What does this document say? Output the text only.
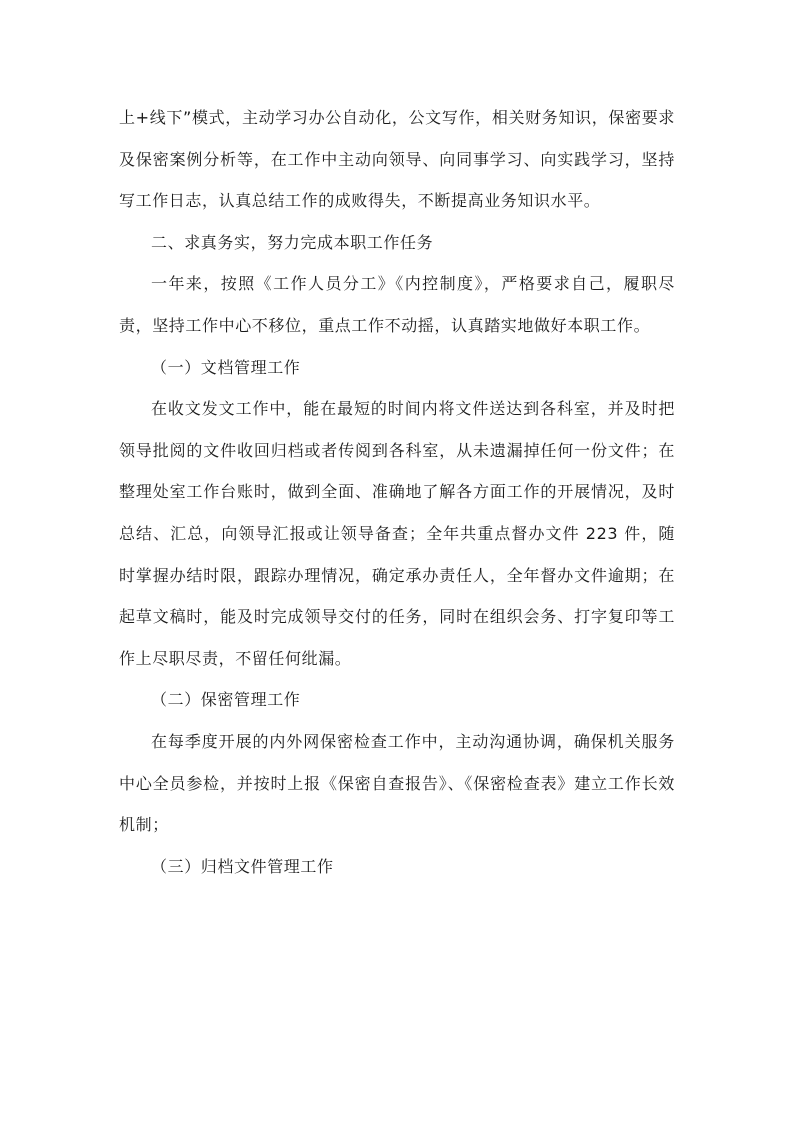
上+线下”模式，主动学习办公自动化，公文写作，相关财务知识，保密要求及保密案例分析等，在工作中主动向领导、向同事学习、向实践学习，坚持写工作日志，认真总结工作的成败得失，不断提高业务知识水平。

二、求真务实，努力完成本职工作任务

一年来，按照《工作人员分工》《内控制度》，严格要求自己，履职尽责，坚持工作中心不移位，重点工作不动摇，认真踏实地做好本职工作。

（一）文档管理工作

在收文发文工作中，能在最短的时间内将文件送达到各科室，并及时把领导批阅的文件收回归档或者传阅到各科室，从未遗漏掉任何一份文件；在整理处室工作台账时，做到全面、准确地了解各方面工作的开展情况，及时总结、汇总，向领导汇报或让领导备查；全年共重点督办文件 223 件，随时掌握办结时限，跟踪办理情况，确定承办责任人，全年督办文件逾期；在起草文稿时，能及时完成领导交付的任务，同时在组织会务、打字复印等工作上尽职尽责，不留任何纰漏。

（二）保密管理工作

在每季度开展的内外网保密检查工作中，主动沟通协调，确保机关服务中心全员参检，并按时上报《保密自查报告》、《保密检查表》建立工作长效机制；

（三）归档文件管理工作
